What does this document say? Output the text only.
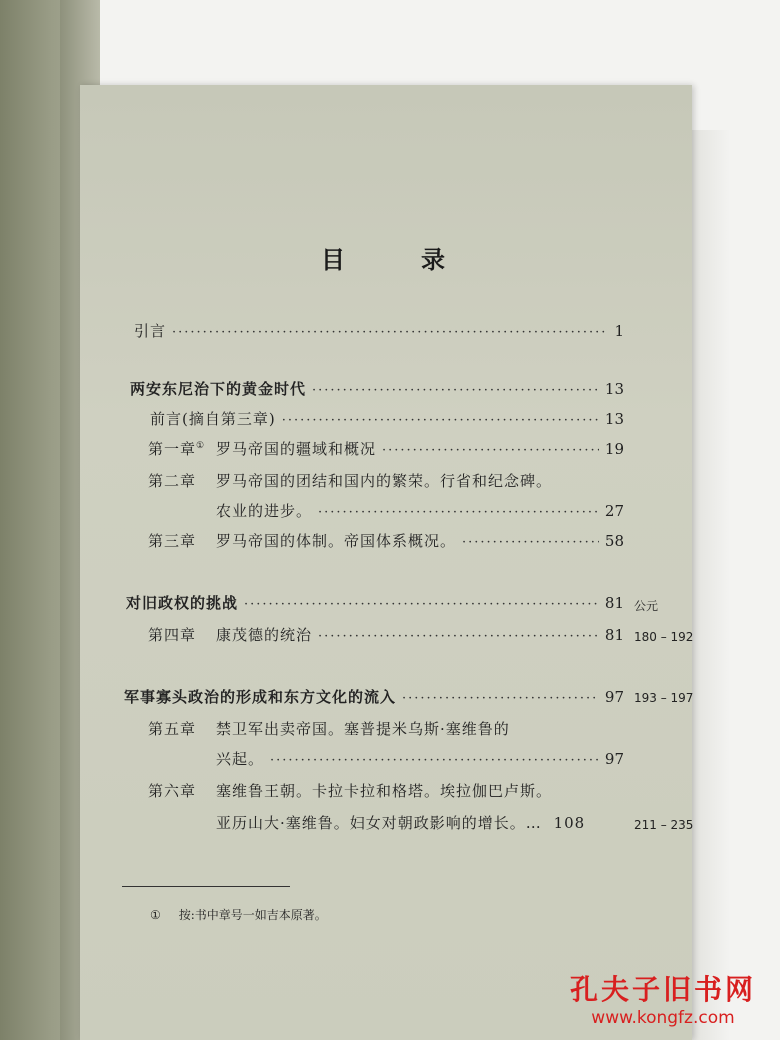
目　录
引言 ·····	1
两安东尼治下的黄金时代 ·····	13
前言(摘自第三章) ·····	13
第一章① 罗马帝国的疆域和概况 ·····	19
第二章 罗马帝国的团结和国内的繁荣。行省和纪念碑。
农业的进步。 ·····	27
第三章	罗马帝国的体制。帝国体系概况。 ·····	58
对旧政权的挑战 ·····	81 公元
第四章	康茂德的统治 ·····	81 180 – 192
军事寡头政治的形成和东方文化的流入 ·····	97 193 – 197
第五章 禁卫军出卖帝国。塞普提米乌斯·塞维鲁的
兴起。 ·····	97
第六章 塞维鲁王朝。卡拉卡拉和格塔。埃拉伽巴卢斯。
亚历山大·塞维鲁。妇女对朝政影响的增长。… 108	211 – 235
① 按:书中章号一如吉本原著。
孔夫子旧书网
www.kongfz.com
